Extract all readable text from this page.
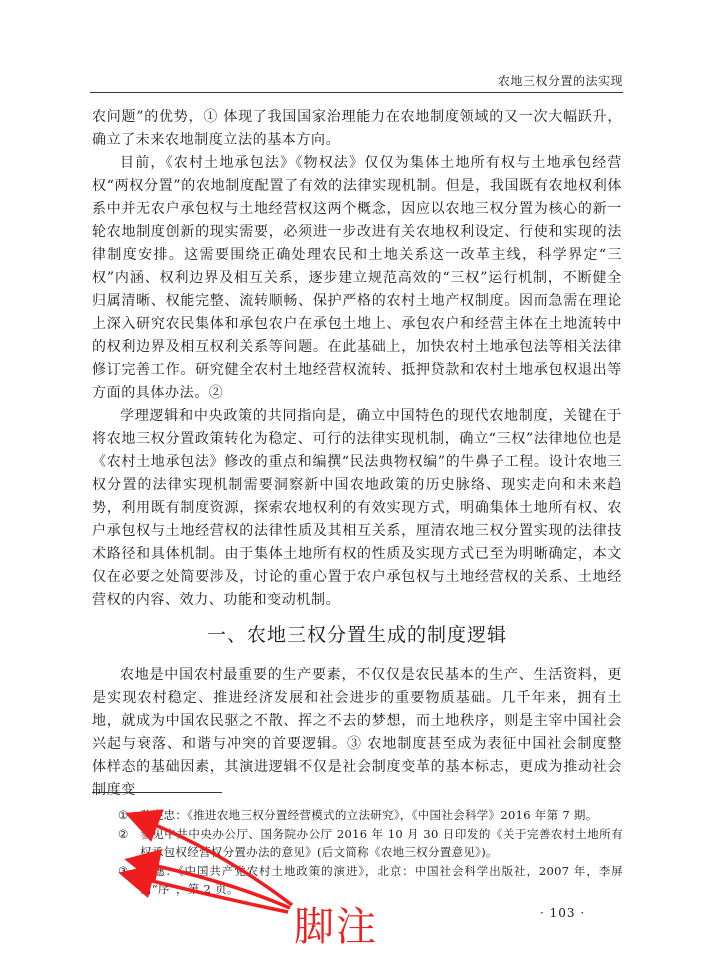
农地三权分置的法实现

农问题”的优势，① 体现了我国国家治理能力在农地制度领域的又一次大幅跃升，确立了未来农地制度立法的基本方向。

目前，《农村土地承包法》《物权法》仅仅为集体土地所有权与土地承包经营权“两权分置”的农地制度配置了有效的法律实现机制。但是，我国既有农地权利体系中并无农户承包权与土地经营权这两个概念，因应以农地三权分置为核心的新一轮农地制度创新的现实需要，必须进一步改进有关农地权利设定、行使和实现的法律制度安排。这需要围绕正确处理农民和土地关系这一改革主线，科学界定“三权”内涵、权利边界及相互关系，逐步建立规范高效的“三权”运行机制，不断健全归属清晰、权能完整、流转顺畅、保护严格的农村土地产权制度。因而急需在理论上深入研究农民集体和承包农户在承包土地上、承包农户和经营主体在土地流转中的权利边界及相互权利关系等问题。在此基础上，加快农村土地承包法等相关法律修订完善工作。研究健全农村土地经营权流转、抵押贷款和农村土地承包权退出等方面的具体办法。②

学理逻辑和中央政策的共同指向是，确立中国特色的现代农地制度，关键在于将农地三权分置政策转化为稳定、可行的法律实现机制，确立“三权”法律地位也是《农村土地承包法》修改的重点和编撰“民法典物权编”的牛鼻子工程。设计农地三权分置的法律实现机制需要洞察新中国农地政策的历史脉络、现实走向和未来趋势，利用既有制度资源，探索农地权利的有效实现方式，明确集体土地所有权、农户承包权与土地经营权的法律性质及其相互关系，厘清农地三权分置实现的法律技术路径和具体机制。由于集体土地所有权的性质及实现方式已至为明晰确定，本文仅在必要之处简要涉及，讨论的重心置于农户承包权与土地经营权的关系、土地经营权的内容、效力、功能和变动机制。

一、农地三权分置生成的制度逻辑

农地是中国农村最重要的生产要素，不仅仅是农民基本的生产、生活资料，更是实现农村稳定、推进经济发展和社会进步的重要物质基础。几千年来，拥有土地，就成为中国农民驱之不散、挥之不去的梦想，而土地秩序，则是主宰中国社会兴起与衰落、和谐与冲突的首要逻辑。③ 农地制度甚至成为表征中国社会制度整体样态的基础因素，其演进逻辑不仅是社会制度变革的基本标志，更成为推动社会制度变

① 孙宪忠：《推进农地三权分置经营模式的立法研究》，《中国社会科学》2016 年第 7 期。

② 参见中共中央办公厅、国务院办公厅 2016 年 10 月 30 日印发的《关于完善农村土地所有权承包权经营权分置办法的意见》(后文简称《农地三权分置意见》)。

③ 胡穗：《中国共产党农村土地政策的演进》，北京：中国社会科学出版社，2007 年，李屏南“序”，第 2 页。

· 103 ·
脚注
